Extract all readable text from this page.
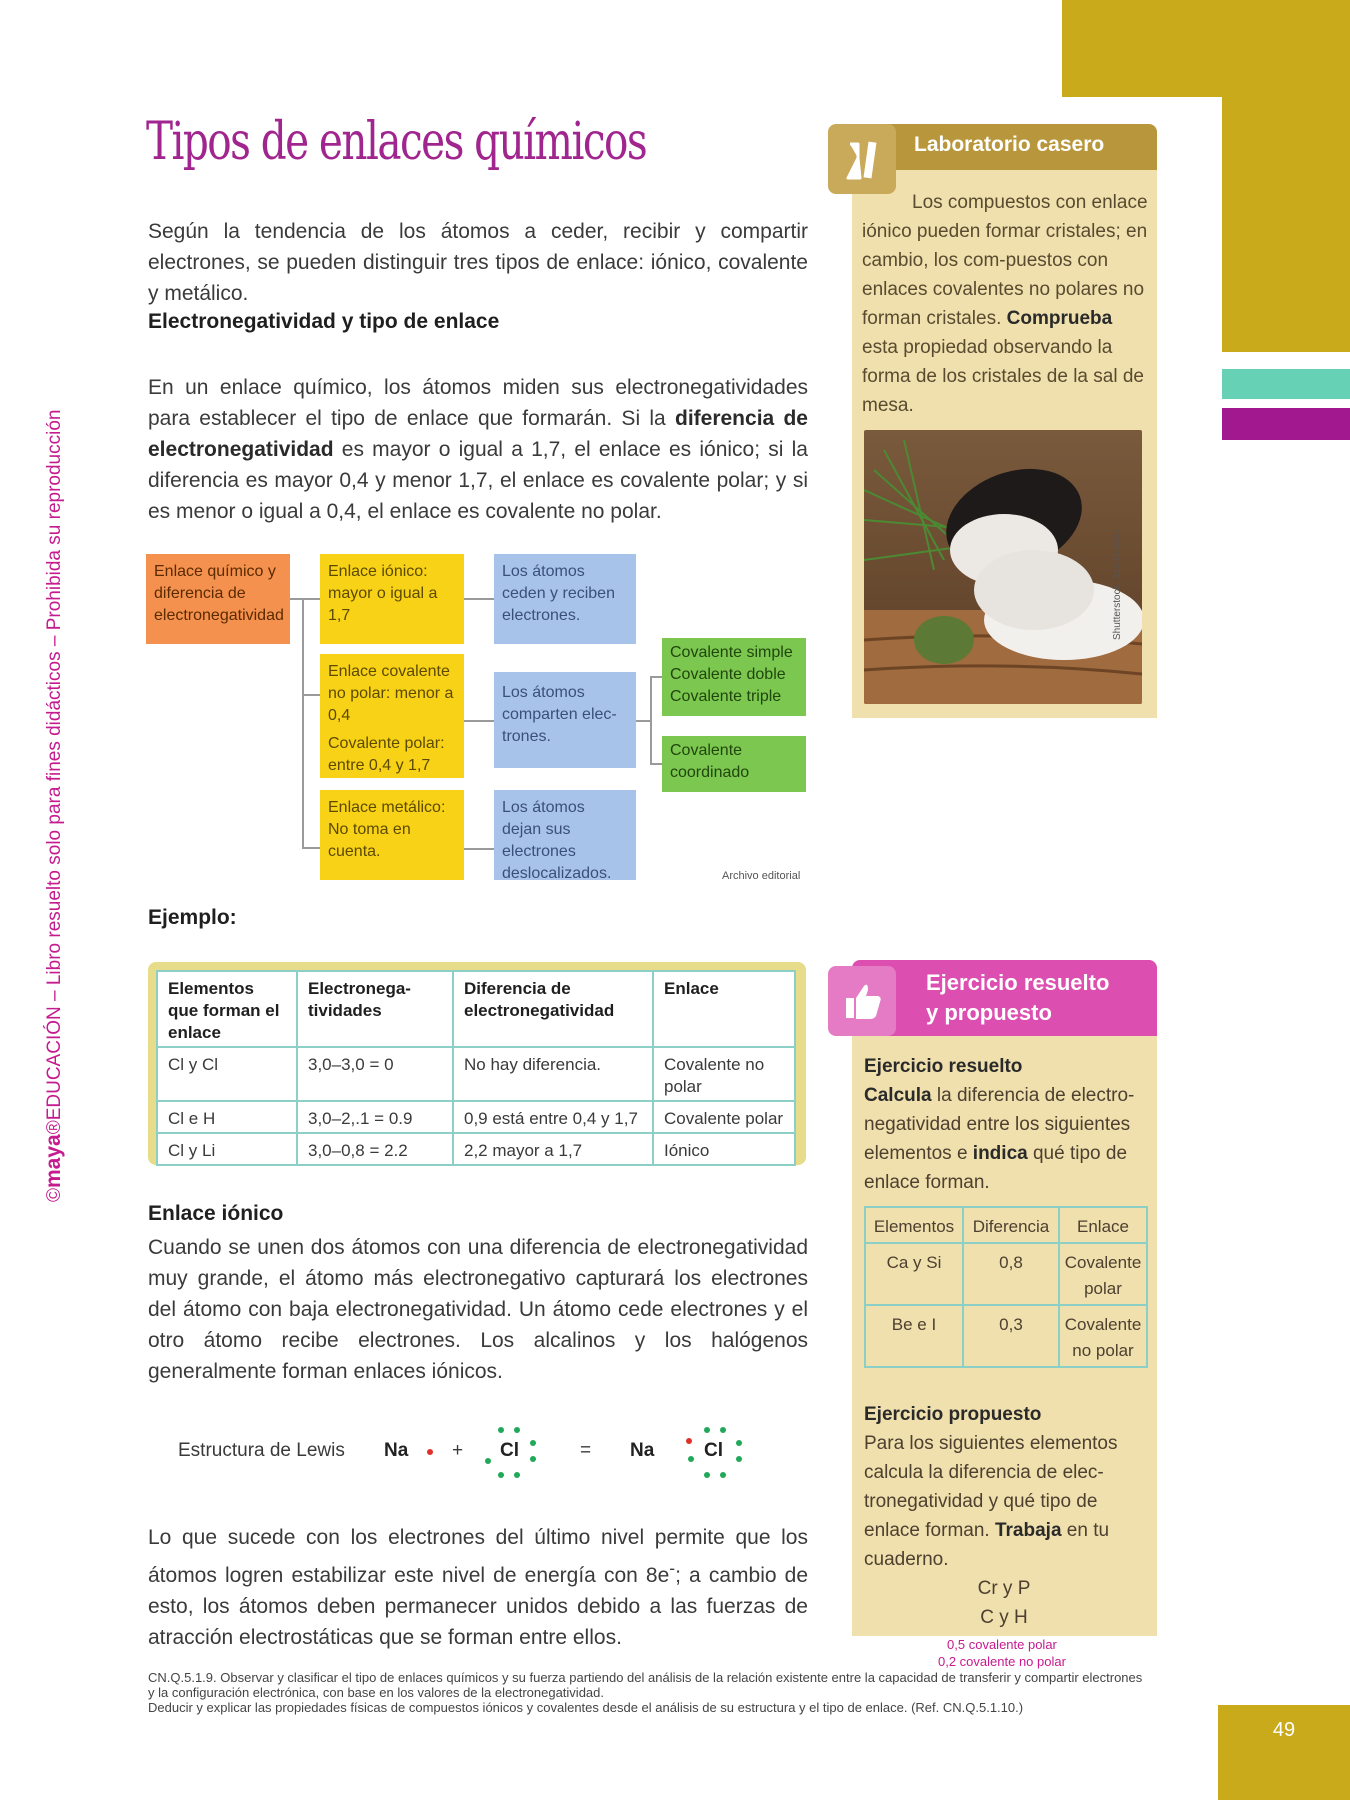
©maya®EDUCACIÓN – Libro resuelto solo para fines didácticos – Prohibida su reproducción
Tipos de enlaces químicos
Según la tendencia de los átomos a ceder, recibir y compartir electrones, se pueden distinguir tres tipos de enlace: iónico, covalente y metálico.
Electronegatividad y tipo de enlace
En un enlace químico, los átomos miden sus electronegatividades para establecer el tipo de enlace que formarán. Si la diferencia de electronegatividad es mayor o igual a 1,7, el enlace es iónico; si la diferencia es mayor 0,4 y menor 1,7, el enlace es covalente polar; y si es menor o igual a 0,4, el enlace es covalente no polar.
Enlace químico y diferencia de electronegatividad
Enlace iónico: mayor o igual a 1,7
Enlace covalente no polar: menor a 0,4
Covalente polar: entre 0,4 y 1,7
Enlace metálico: No toma en cuenta.
Los átomos ceden y reciben electrones.
Los átomos comparten elec-trones.
Los átomos dejan sus electrones deslocalizados.
Covalente simple Covalente doble Covalente triple
Covalente coordinado
Archivo editorial
Ejemplo:
Elementos que forman el enlace	Electronega-tividades	Diferencia de electronegatividad	Enlace
Cl y Cl	3,0–3,0 = 0	No hay diferencia.	Covalente no polar
Cl e H	3,0–2,.1 = 0.9	0,9 está entre 0,4 y 1,7	Covalente polar
Cl y Li	3,0–0,8 = 2.2	2,2 mayor a 1,7	Iónico
Enlace iónico
Cuando se unen dos átomos con una diferencia de electronegatividad muy grande, el átomo más electronegativo capturará los electrones del átomo con baja electronegatividad. Un átomo cede electrones y el otro átomo recibe electrones. Los alcalinos y los halógenos generalmente forman enlaces iónicos.
Estructura de Lewis Na + Cl	= Na	Cl
Lo que sucede con los electrones del último nivel permite que los átomos logren estabilizar este nivel de energía con 8e-; a cambio de esto, los átomos deben permanecer unidos debido a las fuerzas de atracción electrostáticas que se forman entre ellos.
Laboratorio casero
Los compuestos con enlace iónico pueden formar cristales; en cambio, los com-puestos con enlaces covalentes no polares no forman cristales. Comprueba esta propiedad observando la forma de los cristales de la sal de mesa.
Shutterstock, 315152837
Ejercicio resuelto
y propuesto
Ejercicio resuelto
Calcula la diferencia de electro-negatividad entre los siguientes elementos e indica qué tipo de enlace forman.
Elementos	Diferencia	Enlace
Ca y Si	0,8	Covalente polar
Be e I	0,3	Covalente no polar
Ejercicio propuesto
Para los siguientes elementos calcula la diferencia de elec-tronegatividad y qué tipo de enlace forman. Trabaja en tu cuaderno.
Cr y P
C y H
0,5 covalente polar
0,2 covalente no polar
CN.Q.5.1.9. Observar y clasificar el tipo de enlaces químicos y su fuerza partiendo del análisis de la relación existente entre la capacidad de transferir y compartir electrones y la configuración electrónica, con base en los valores de la electronegatividad.
Deducir y explicar las propiedades físicas de compuestos iónicos y covalentes desde el análisis de su estructura y el tipo de enlace. (Ref. CN.Q.5.1.10.)
49
